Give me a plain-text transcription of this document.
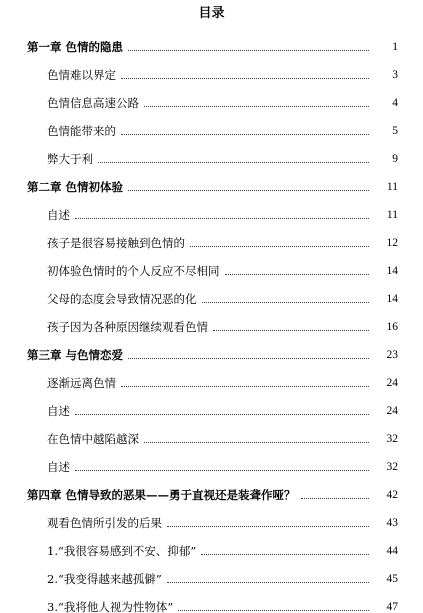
目录
第一章 色情的隐患	1
色情难以界定	3
色情信息高速公路	4
色情能带来的	5
弊大于利	9
第二章 色情初体验	11
自述	11
孩子是很容易接触到色情的	12
初体验色情时的个人反应不尽相同	14
父母的态度会导致情况恶的化	14
孩子因为各种原因继续观看色情	16
第三章 与色情恋爱	23
逐渐远离色情	24
自述	24
在色情中越陷越深	32
自述	32
第四章 色情导致的恶果——勇于直视还是装聋作哑？	42
观看色情所引发的后果	43
1.“我很容易感到不安、抑郁”	44
2.“我变得越来越孤僻”	45
3.“我将他人视为性物体”	47
